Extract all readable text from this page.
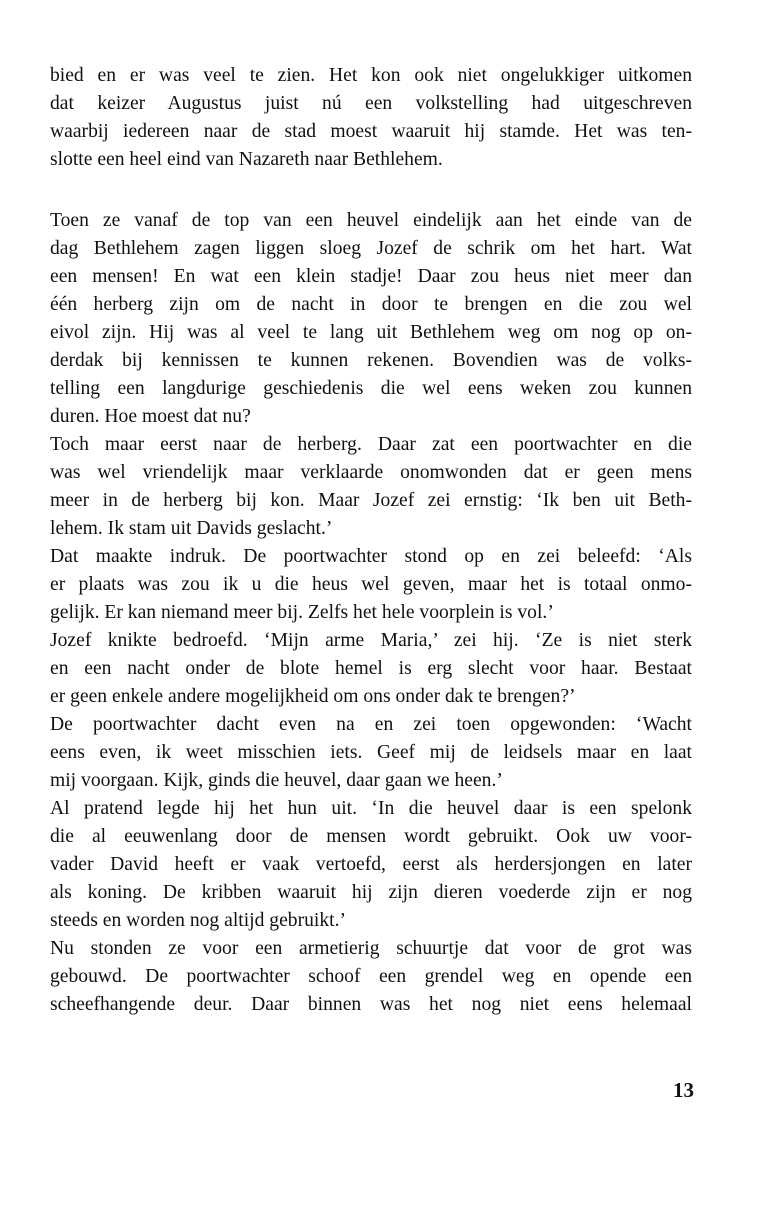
bied en er was veel te zien. Het kon ook niet ongelukkiger uitkomen
dat keizer Augustus juist nú een volkstelling had uitgeschreven
waarbij iedereen naar de stad moest waaruit hij stamde. Het was ten-
slotte een heel eind van Nazareth naar Bethlehem.
Toen ze vanaf de top van een heuvel eindelijk aan het einde van de
dag Bethlehem zagen liggen sloeg Jozef de schrik om het hart. Wat
een mensen! En wat een klein stadje! Daar zou heus niet meer dan
één herberg zijn om de nacht in door te brengen en die zou wel
eivol zijn. Hij was al veel te lang uit Bethlehem weg om nog op on-
derdak bij kennissen te kunnen rekenen. Bovendien was de volks-
telling een langdurige geschiedenis die wel eens weken zou kunnen
duren. Hoe moest dat nu?
Toch maar eerst naar de herberg. Daar zat een poortwachter en die
was wel vriendelijk maar verklaarde onomwonden dat er geen mens
meer in de herberg bij kon. Maar Jozef zei ernstig: ‘Ik ben uit Beth-
lehem. Ik stam uit Davids geslacht.’
Dat maakte indruk. De poortwachter stond op en zei beleefd: ‘Als
er plaats was zou ik u die heus wel geven, maar het is totaal onmo-
gelijk. Er kan niemand meer bij. Zelfs het hele voorplein is vol.’
Jozef knikte bedroefd. ‘Mijn arme Maria,’ zei hij. ‘Ze is niet sterk
en een nacht onder de blote hemel is erg slecht voor haar. Bestaat
er geen enkele andere mogelijkheid om ons onder dak te brengen?’
De poortwachter dacht even na en zei toen opgewonden: ‘Wacht
eens even, ik weet misschien iets. Geef mij de leidsels maar en laat
mij voorgaan. Kijk, ginds die heuvel, daar gaan we heen.’
Al pratend legde hij het hun uit. ‘In die heuvel daar is een spelonk
die al eeuwenlang door de mensen wordt gebruikt. Ook uw voor-
vader David heeft er vaak vertoefd, eerst als herdersjongen en later
als koning. De kribben waaruit hij zijn dieren voederde zijn er nog
steeds en worden nog altijd gebruikt.’
Nu stonden ze voor een armetierig schuurtje dat voor de grot was
gebouwd. De poortwachter schoof een grendel weg en opende een
scheefhangende deur. Daar binnen was het nog niet eens helemaal
13
